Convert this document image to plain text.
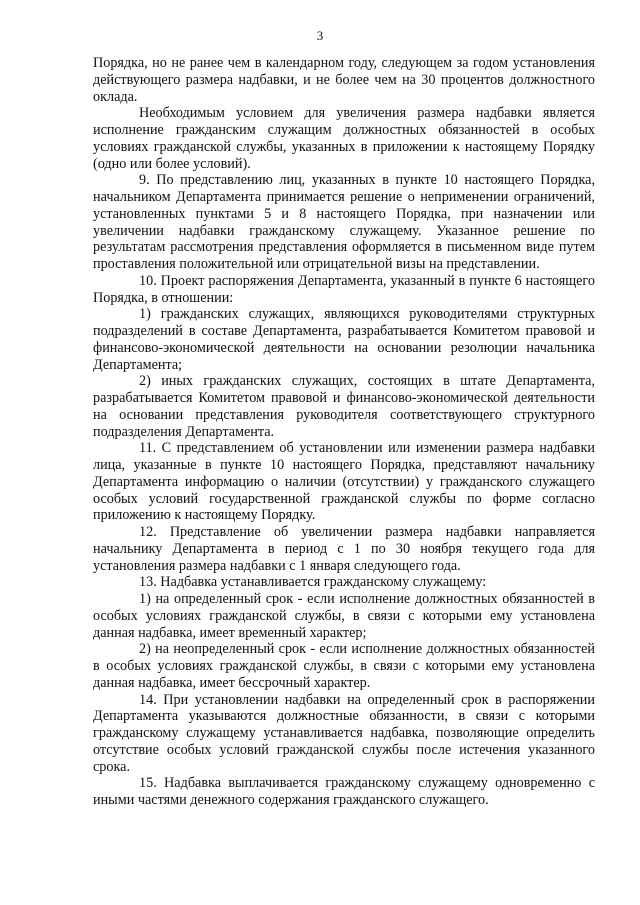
3

Порядка, но не ранее чем в календарном году, следующем за годом установления действующего размера надбавки, и не более чем на 30 процентов должностного оклада.

Необходимым условием для увеличения размера надбавки является исполнение гражданским служащим должностных обязанностей в особых условиях гражданской службы, указанных в приложении к настоящему Порядку (одно или более условий).

9. По представлению лиц, указанных в пункте 10 настоящего Порядка, начальником Департамента принимается решение о неприменении ограничений, установленных пунктами 5 и 8 настоящего Порядка, при назначении или увеличении надбавки гражданскому служащему. Указанное решение по результатам рассмотрения представления оформляется в письменном виде путем проставления положительной или отрицательной визы на представлении.

10. Проект распоряжения Департамента, указанный в пункте 6 настоящего Порядка, в отношении:

1) гражданских служащих, являющихся руководителями структурных подразделений в составе Департамента, разрабатывается Комитетом правовой и финансово-экономической деятельности на основании резолюции начальника Департамента;

2) иных гражданских служащих, состоящих в штате Департамента, разрабатывается Комитетом правовой и финансово-экономической деятельности на основании представления руководителя соответствующего структурного подразделения Департамента.

11. С представлением об установлении или изменении размера надбавки лица, указанные в пункте 10 настоящего Порядка, представляют начальнику Департамента информацию о наличии (отсутствии) у гражданского служащего особых условий государственной гражданской службы по форме согласно приложению к настоящему Порядку.

12. Представление об увеличении размера надбавки направляется начальнику Департамента в период с 1 по 30 ноября текущего года для установления размера надбавки с 1 января следующего года.

13. Надбавка устанавливается гражданскому служащему:

1) на определенный срок - если исполнение должностных обязанностей в особых условиях гражданской службы, в связи с которыми ему установлена данная надбавка, имеет временный характер;

2) на неопределенный срок - если исполнение должностных обязанностей в особых условиях гражданской службы, в связи с которыми ему установлена данная надбавка, имеет бессрочный характер.

14. При установлении надбавки на определенный срок в распоряжении Департамента указываются должностные обязанности, в связи с которыми гражданскому служащему устанавливается надбавка, позволяющие определить отсутствие особых условий гражданской службы после истечения указанного срока.

15. Надбавка выплачивается гражданскому служащему одновременно с иными частями денежного содержания гражданского служащего.
